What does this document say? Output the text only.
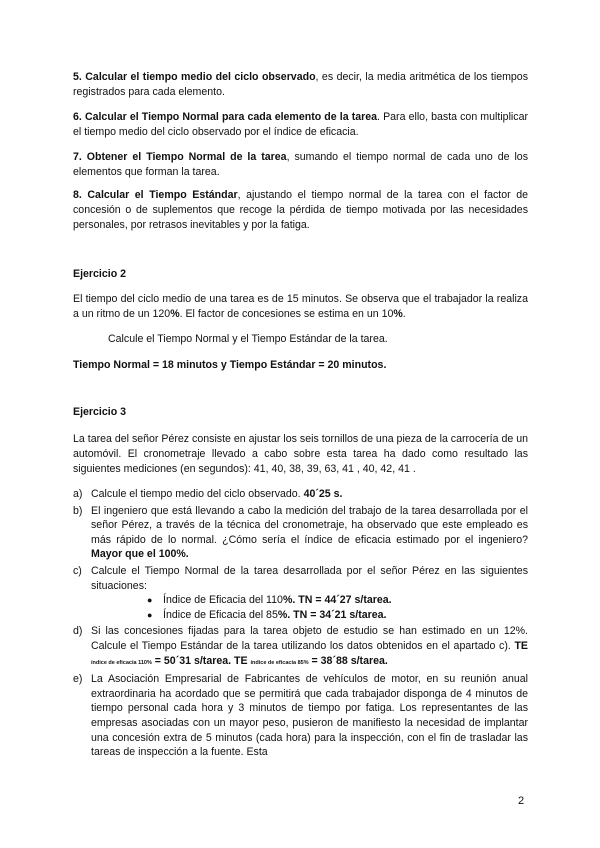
5. Calcular el tiempo medio del ciclo observado, es decir, la media aritmética de los tiempos registrados para cada elemento.

6. Calcular el Tiempo Normal para cada elemento de la tarea. Para ello, basta con multiplicar el tiempo medio del ciclo observado por el índice de eficacia.

7. Obtener el Tiempo Normal de la tarea, sumando el tiempo normal de cada uno de los elementos que forman la tarea.

8. Calcular el Tiempo Estándar, ajustando el tiempo normal de la tarea con el factor de concesión o de suplementos que recoge la pérdida de tiempo motivada por las necesidades personales, por retrasos inevitables y por la fatiga.

Ejercicio 2

El tiempo del ciclo medio de una tarea es de 15 minutos. Se observa que el trabajador la realiza a un ritmo de un 120%. El factor de concesiones se estima en un 10%.

Calcule el Tiempo Normal y el Tiempo Estándar de la tarea.

Tiempo Normal = 18 minutos y Tiempo Estándar = 20 minutos.

Ejercicio 3

La tarea del señor Pérez consiste en ajustar los seis tornillos de una pieza de la carrocería de un automóvil. El cronometraje llevado a cabo sobre esta tarea ha dado como resultado las siguientes mediciones (en segundos): 41, 40, 38, 39, 63, 41 , 40, 42, 41 .

a) Calcule el tiempo medio del ciclo observado. 40´25 s.
b) El ingeniero que está llevando a cabo la medición del trabajo de la tarea desarrollada por el señor Pérez, a través de la técnica del cronometraje, ha observado que este empleado es más rápido de lo normal. ¿Cómo sería el índice de eficacia estimado por el ingeniero? Mayor que el 100%.
c) Calcule el Tiempo Normal de la tarea desarrollada por el señor Pérez en las siguientes situaciones:
● Índice de Eficacia del 110%. TN = 44´27 s/tarea.
● Índice de Eficacia del 85%. TN = 34´21 s/tarea.
d) Si las concesiones fijadas para la tarea objeto de estudio se han estimado en un 12%. Calcule el Tiempo Estándar de la tarea utilizando los datos obtenidos en el apartado c). TE índice de eficacia 110% = 50´31 s/tarea. TE índice de eficacia 85% = 38´88 s/tarea.
e) La Asociación Empresarial de Fabricantes de vehículos de motor, en su reunión anual extraordinaria ha acordado que se permitirá que cada trabajador disponga de 4 minutos de tiempo personal cada hora y 3 minutos de tiempo por fatiga. Los representantes de las empresas asociadas con un mayor peso, pusieron de manifiesto la necesidad de implantar una concesión extra de 5 minutos (cada hora) para la inspección, con el fin de trasladar las tareas de inspección a la fuente. Esta
2
